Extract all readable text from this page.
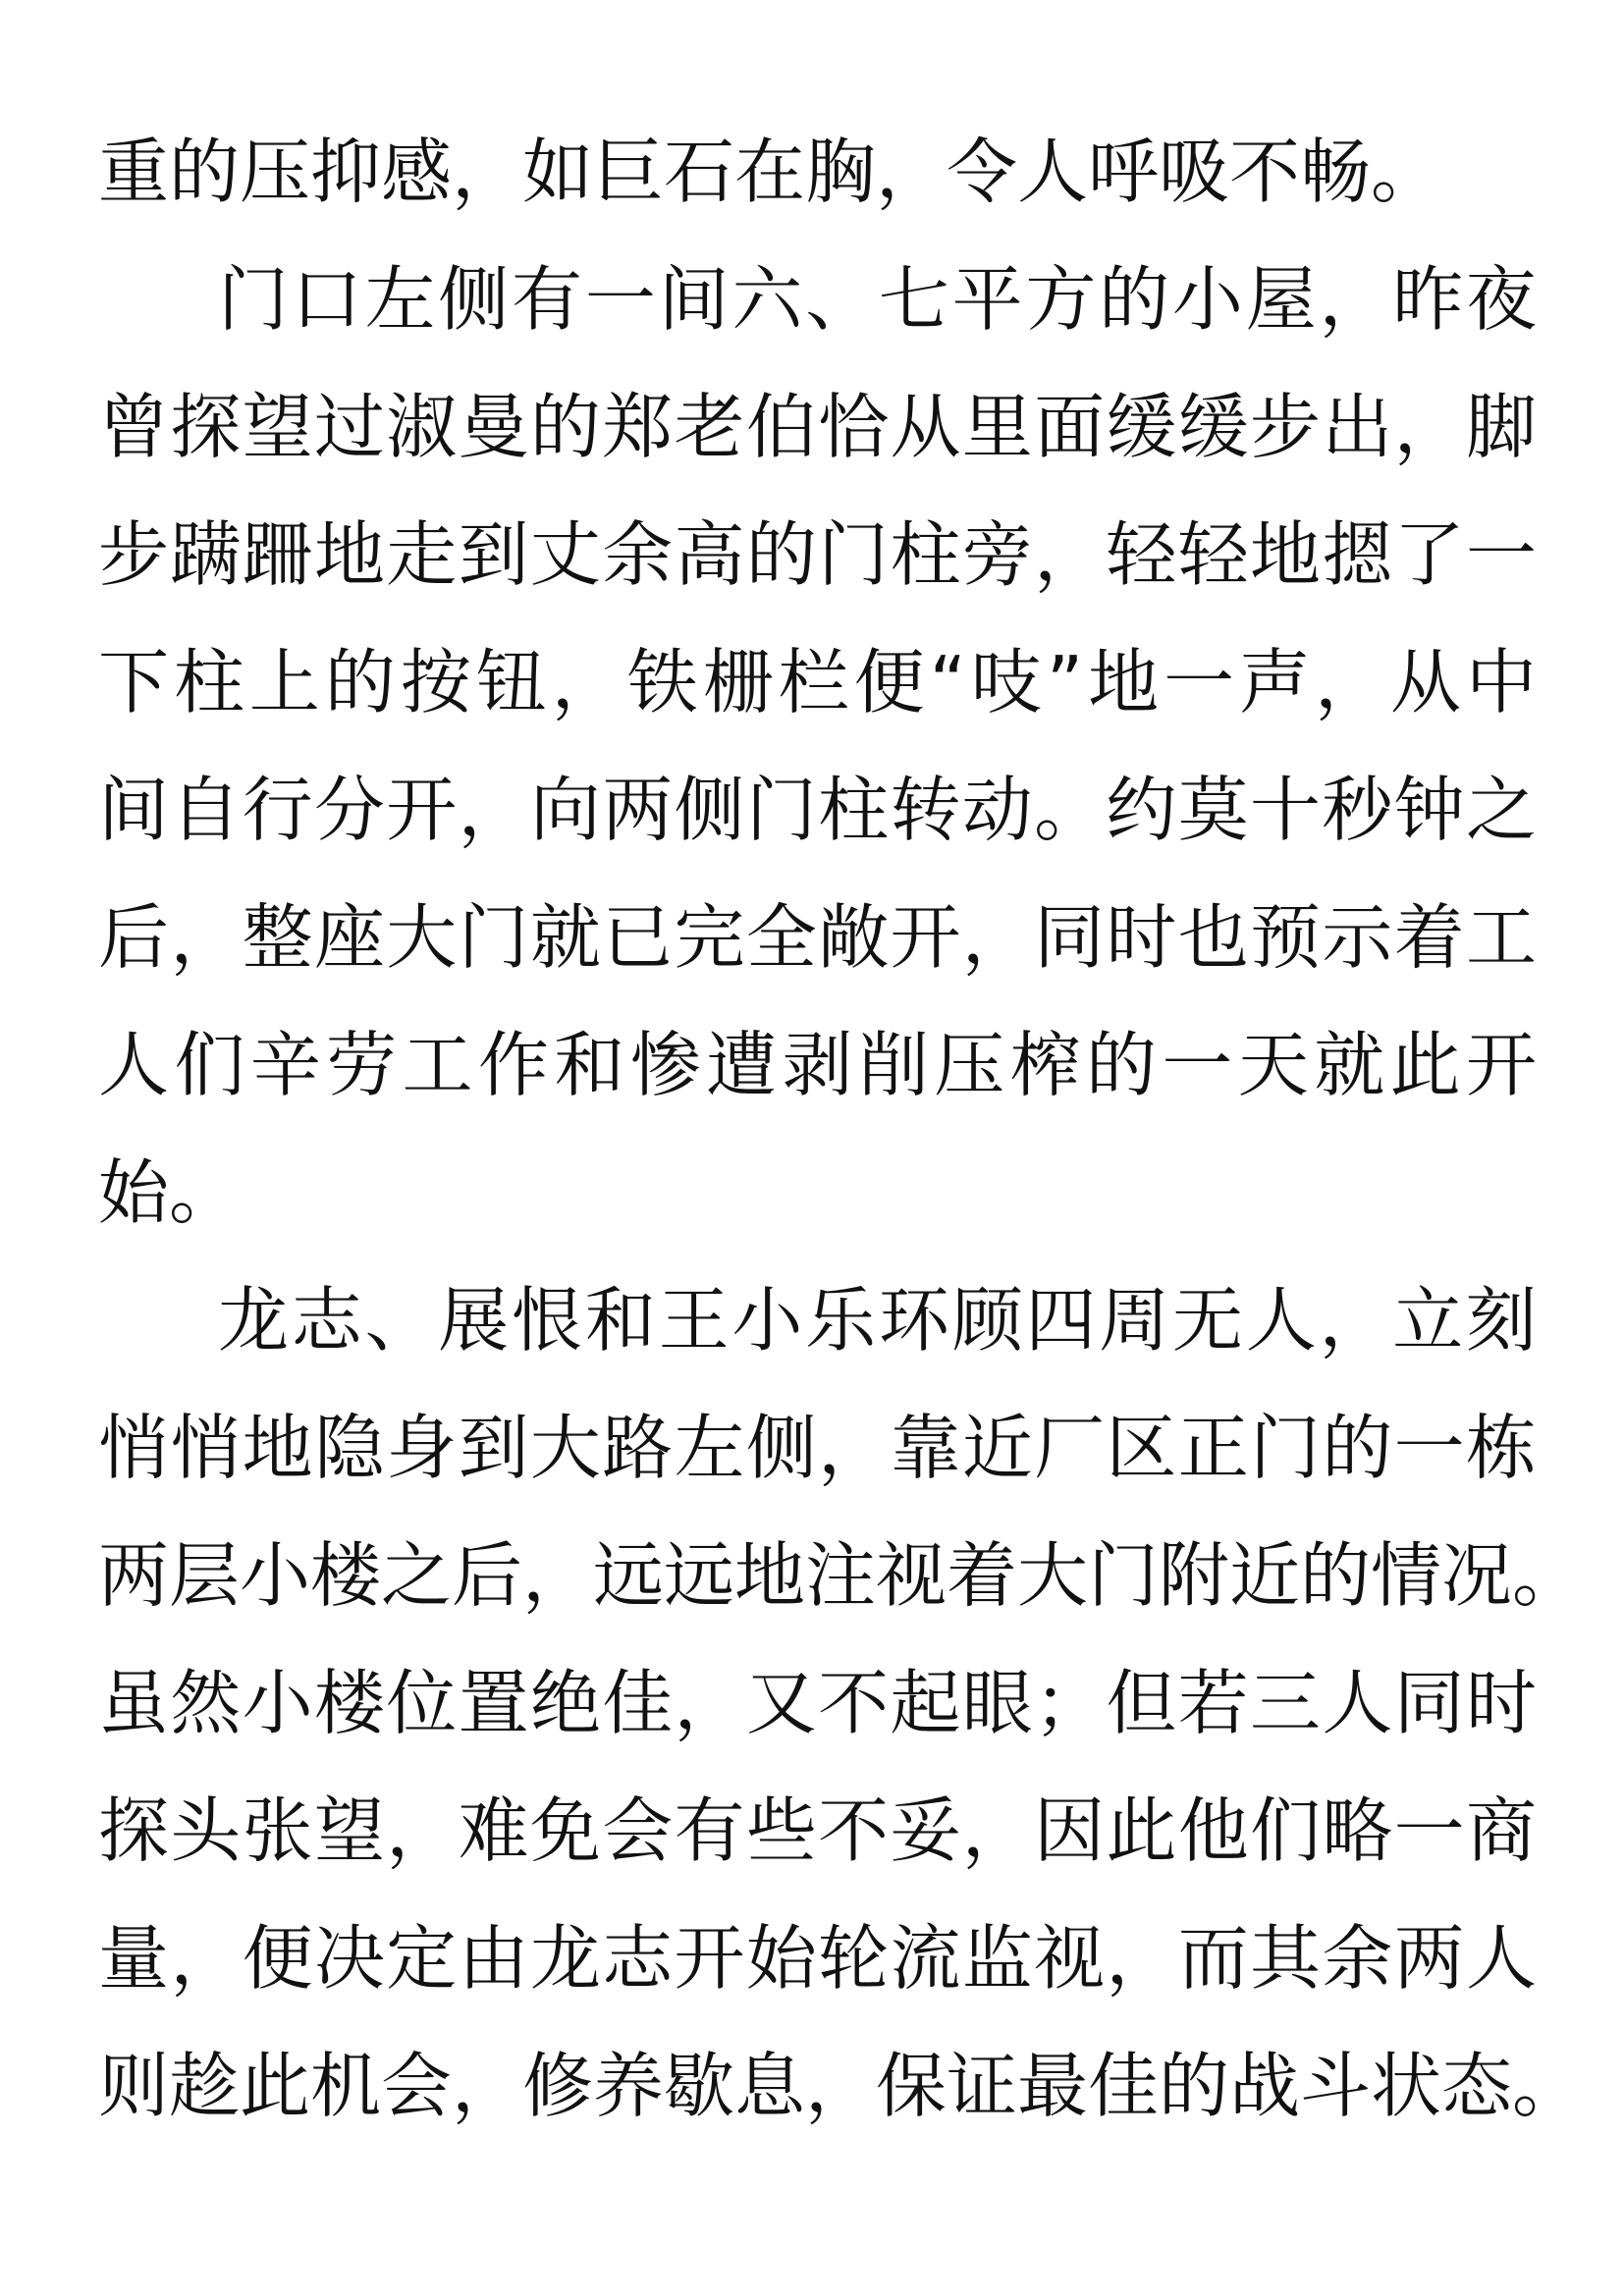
重的压抑感，如巨石在胸，令人呼吸不畅。
门口左侧有一间六、七平方的小屋，昨夜
曾探望过淑曼的郑老伯恰从里面缓缓步出，脚
步蹒跚地走到丈余高的门柱旁，轻轻地摁了一
下柱上的按钮，铁栅栏便“吱”地一声，从中
间自行分开，向两侧门柱转动。约莫十秒钟之
后，整座大门就已完全敞开，同时也预示着工
人们辛劳工作和惨遭剥削压榨的一天就此开
始。
龙志、展恨和王小乐环顾四周无人，立刻
悄悄地隐身到大路左侧，靠近厂区正门的一栋
两层小楼之后，远远地注视着大门附近的情况。
虽然小楼位置绝佳，又不起眼；但若三人同时
探头张望，难免会有些不妥，因此他们略一商
量，便决定由龙志开始轮流监视，而其余两人
则趁此机会，修养歇息，保证最佳的战斗状态。
